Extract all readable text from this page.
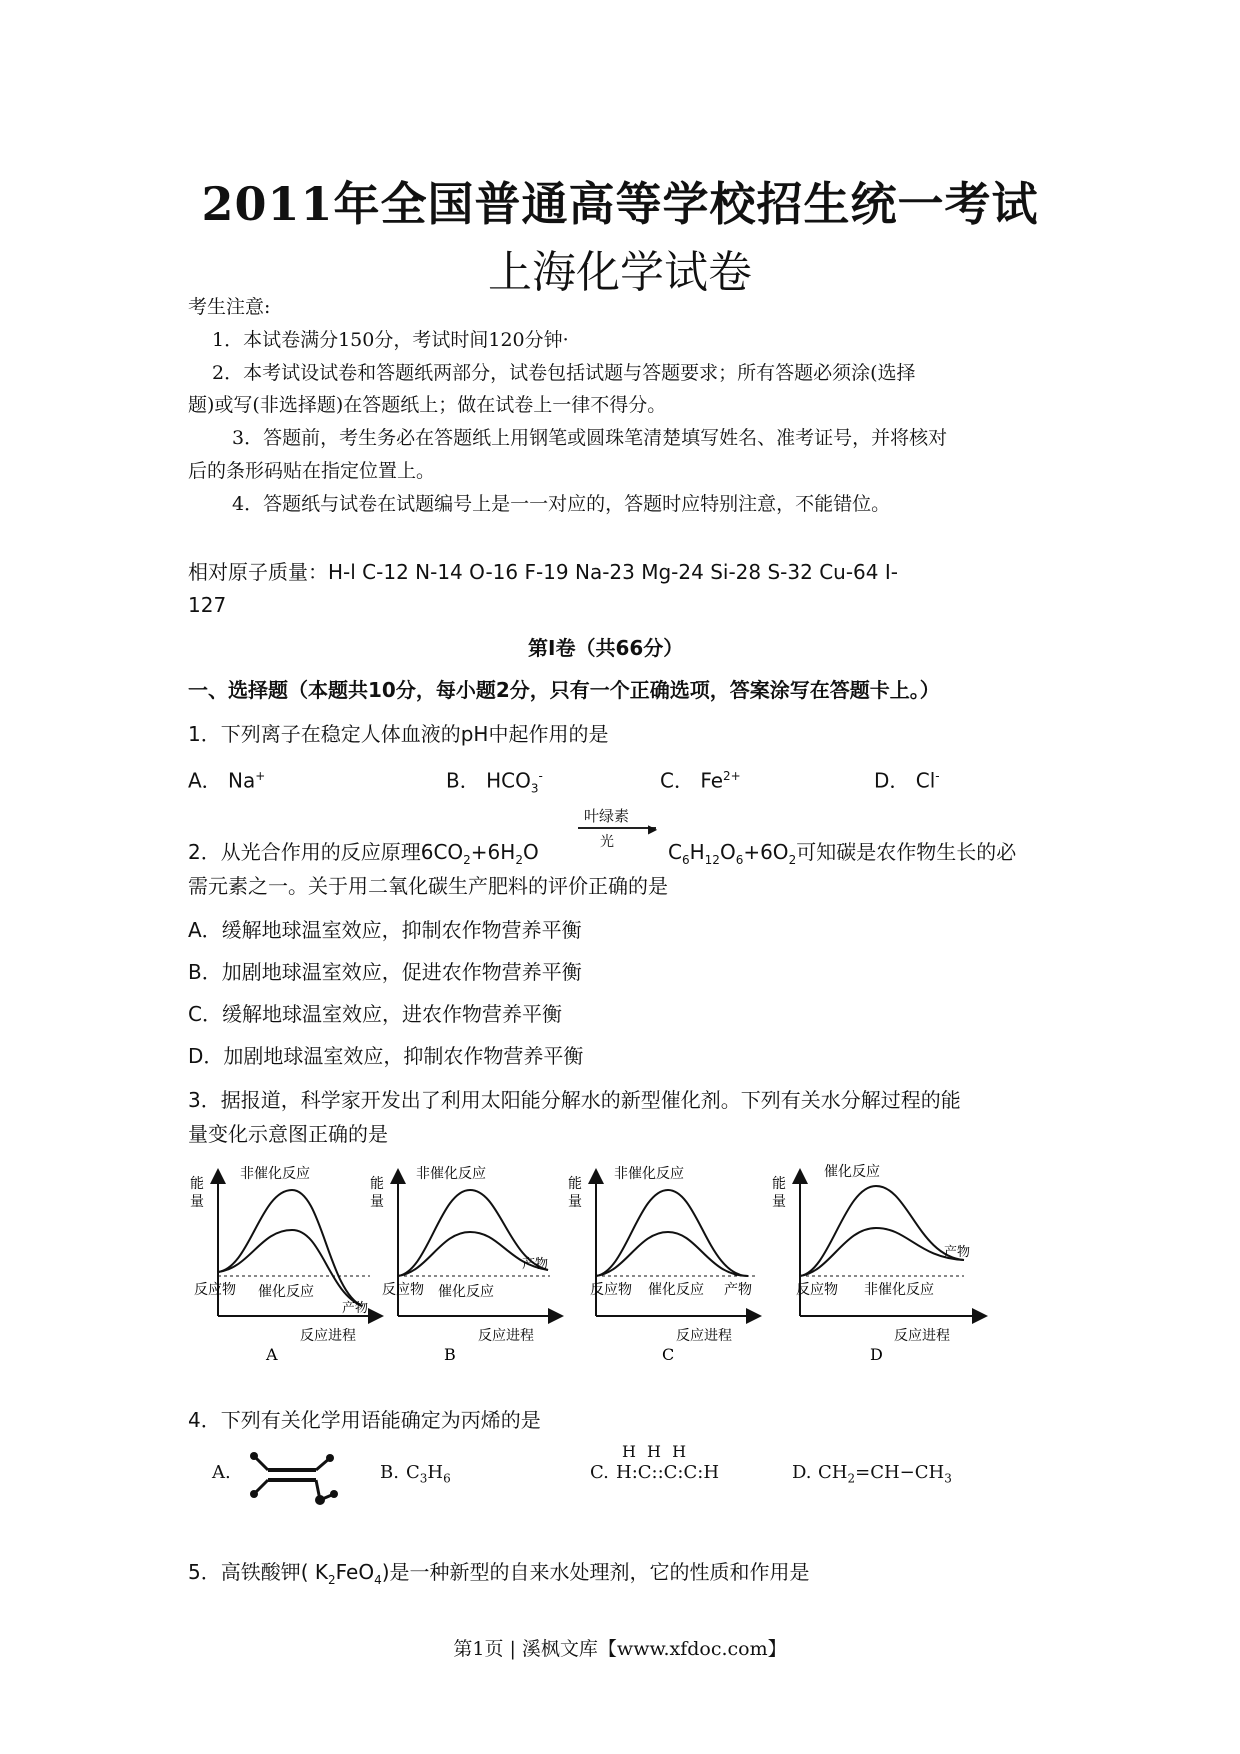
2011年全国普通高等学校招生统一考试
上海化学试卷
考生注意:
1．本试卷满分150分，考试时间120分钟·
2．本考试设试卷和答题纸两部分，试卷包括试题与答题要求；所有答题必须涂(选择
题)或写(非选择题)在答题纸上；做在试卷上一律不得分。
3．答题前，考生务必在答题纸上用钢笔或圆珠笔清楚填写姓名、准考证号，并将核对
后的条形码贴在指定位置上。
4．答题纸与试卷在试题编号上是一一对应的，答题时应特别注意，不能错位。
相对原子质量：H-l C-12 N-14 O-16 F-19 Na-23 Mg-24 Si-28 S-32 Cu-64 I-
127
第I卷（共66分）
一、选择题（本题共10分，每小题2分，只有一个正确选项，答案涂写在答题卡上。）
1．下列离子在稳定人体血液的pH中起作用的是
A． Na+	B． $HCO_3^-$	C． $Fe^{2+}$	D． Cl-
2．从光合作用的反应原理$6CO_2+6H_2O$
叶绿素
▶
光	$C_6H_{12}O_6+6O_2$可知碳是农作物生长的必
需元素之一。关于用二氧化碳生产肥料的评价正确的是
A．缓解地球温室效应，抑制农作物营养平衡
B．加剧地球温室效应，促进农作物营养平衡
C．缓解地球温室效应，进农作物营养平衡
D．加剧地球温室效应，抑制农作物营养平衡
3．据报道，科学家开发出了利用太阳能分解水的新型催化剂。下列有关水分解过程的能
量变化示意图正确的是
能
量
非催化反应
反应物 催化反应
产物
反应进程
A
能
量
非催化反应
反应物 催化反应
产物
反应进程
B
能
量
非催化反应
反应物 催化反应 产物
反应进程
C
能
量
催化反应
反应物 非催化反应
产物
反应进程
D
4．下列有关化学用语能确定为丙烯的是
A.	B. $C_3H_6$	C.
H H H
H:C::C:C:H	D. $CH_2=CH-CH_3$
5．高铁酸钾( $K_2FeO_4$)是一种新型的自来水处理剂，它的性质和作用是
第1页 | 溪枫文库【www.xfdoc.com】
